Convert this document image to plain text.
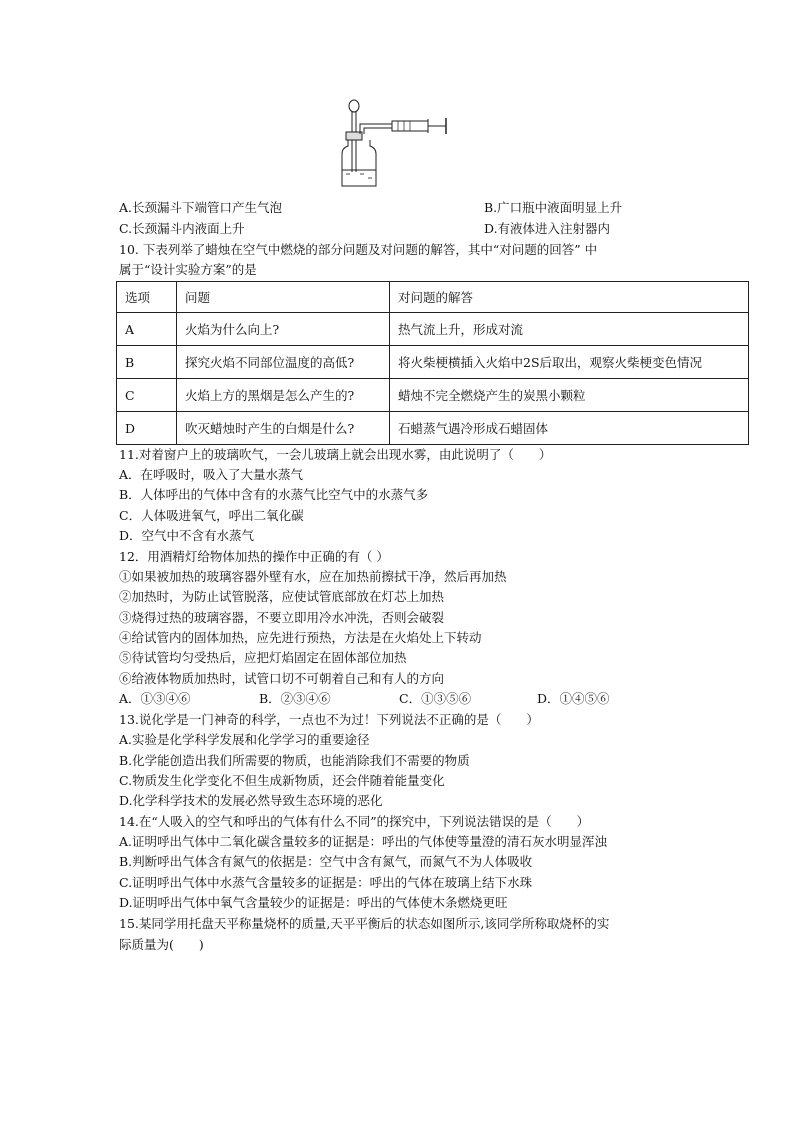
A.长颈漏斗下端管口产生气泡	B.广口瓶中液面明显上升
C.长颈漏斗内液面上升	D.有液体进入注射器内
10. 下表列举了蜡烛在空气中燃烧的部分问题及对问题的解答，其中“对问题的回答” 中
属于“设计实验方案”的是
选项	问题	对问题的解答
A	火焰为什么向上?	热气流上升，形成对流
B	探究火焰不同部位温度的高低?	将火柴梗横插入火焰中2S后取出，观察火柴梗变色情况
C	火焰上方的黑烟是怎么产生的?	蜡烛不完全燃烧产生的炭黑小颗粒
D	吹灭蜡烛时产生的白烟是什么?	石蜡蒸气遇冷形成石蜡固体
11.对着窗户上的玻璃吹气，一会儿玻璃上就会出现水雾，由此说明了（　　）
A．在呼吸时，吸入了大量水蒸气
B．人体呼出的气体中含有的水蒸气比空气中的水蒸气多
C．人体吸进氧气，呼出二氧化碳
D．空气中不含有水蒸气
12．用酒精灯给物体加热的操作中正确的有（ ）
①如果被加热的玻璃容器外壁有水，应在加热前擦拭干净，然后再加热
②加热时，为防止试管脱落，应使试管底部放在灯芯上加热
③烧得过热的玻璃容器，不要立即用冷水冲洗，否则会破裂
④给试管内的固体加热，应先进行预热，方法是在火焰处上下转动
⑤待试管均匀受热后，应把灯焰固定在固体部位加热
⑥给液体物质加热时，试管口切不可朝着自己和有人的方向
A．①③④⑥	B．②③④⑥	C．①③⑤⑥	D．①④⑤⑥
13.说化学是一门神奇的科学，一点也不为过！下列说法不正确的是（　　）
A.实验是化学科学发展和化学学习的重要途径
B.化学能创造出我们所需要的物质，也能消除我们不需要的物质
C.物质发生化学变化不但生成新物质，还会伴随着能量变化
D.化学科学技术的发展必然导致生态环境的恶化
14.在“人吸入的空气和呼出的气体有什么不同”的探究中，下列说法错误的是（　　）
A.证明呼出气体中二氧化碳含量较多的证据是：呼出的气体使等量澄的清石灰水明显浑浊
B.判断呼出气体含有氮气的依据是：空气中含有氮气，而氮气不为人体吸收
C.证明呼出气体中水蒸气含量较多的证据是：呼出的气体在玻璃上结下水珠
D.证明呼出气体中氧气含量较少的证据是：呼出的气体使木条燃烧更旺
15.某同学用托盘天平称量烧杯的质量,天平平衡后的状态如图所示,该同学所称取烧杯的实
际质量为(　　)
